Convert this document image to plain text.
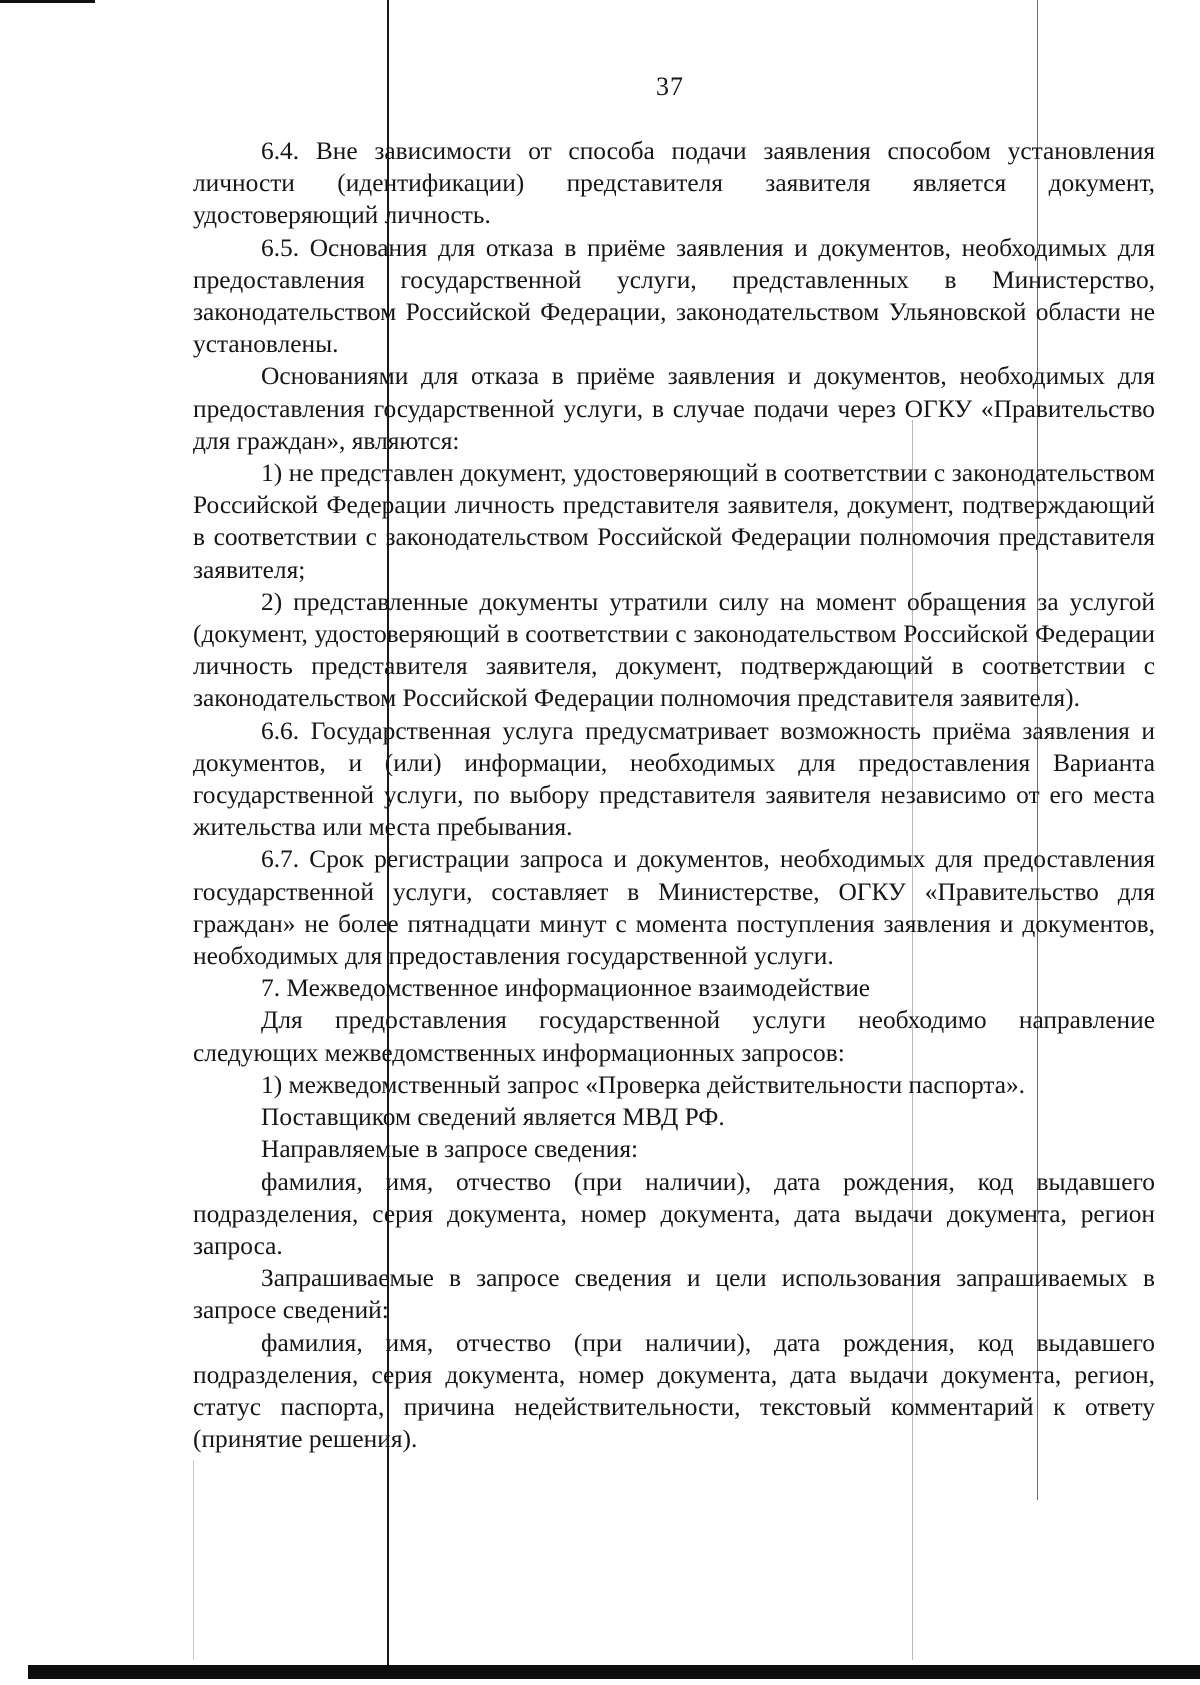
37

6.4. Вне зависимости от способа подачи заявления способом установления личности (идентификации) представителя заявителя является документ, удостоверяющий личность.

6.5. Основания для отказа в приёме заявления и документов, необходимых для предоставления государственной услуги, представленных в Министерство, законодательством Российской Федерации, законодательством Ульяновской области не установлены.

Основаниями для отказа в приёме заявления и документов, необходимых для предоставления государственной услуги, в случае подачи через ОГКУ «Правительство для граждан», являются:

1) не представлен документ, удостоверяющий в соответствии с законодательством Российской Федерации личность представителя заявителя, документ, подтверждающий в соответствии с законодательством Российской Федерации полномочия представителя заявителя;

2) представленные документы утратили силу на момент обращения за услугой (документ, удостоверяющий в соответствии с законодательством Российской Федерации личность представителя заявителя, документ, подтверждающий в соответствии с законодательством Российской Федерации полномочия представителя заявителя).

6.6. Государственная услуга предусматривает возможность приёма заявления и документов, и (или) информации, необходимых для предоставления Варианта государственной услуги, по выбору представителя заявителя независимо от его места жительства или места пребывания.

6.7. Срок регистрации запроса и документов, необходимых для предоставления государственной услуги, составляет в Министерстве, ОГКУ «Правительство для граждан» не более пятнадцати минут с момента поступления заявления и документов, необходимых для предоставления государственной услуги.

7. Межведомственное информационное взаимодействие

Для предоставления государственной услуги необходимо направление следующих межведомственных информационных запросов:

1) межведомственный запрос «Проверка действительности паспорта».

Поставщиком сведений является МВД РФ.

Направляемые в запросе сведения:

фамилия, имя, отчество (при наличии), дата рождения, код выдавшего подразделения, серия документа, номер документа, дата выдачи документа, регион запроса.

Запрашиваемые в запросе сведения и цели использования запрашиваемых в запросе сведений:

фамилия, имя, отчество (при наличии), дата рождения, код выдавшего подразделения, серия документа, номер документа, дата выдачи документа, регион, статус паспорта, причина недействительности, текстовый комментарий к ответу (принятие решения).
